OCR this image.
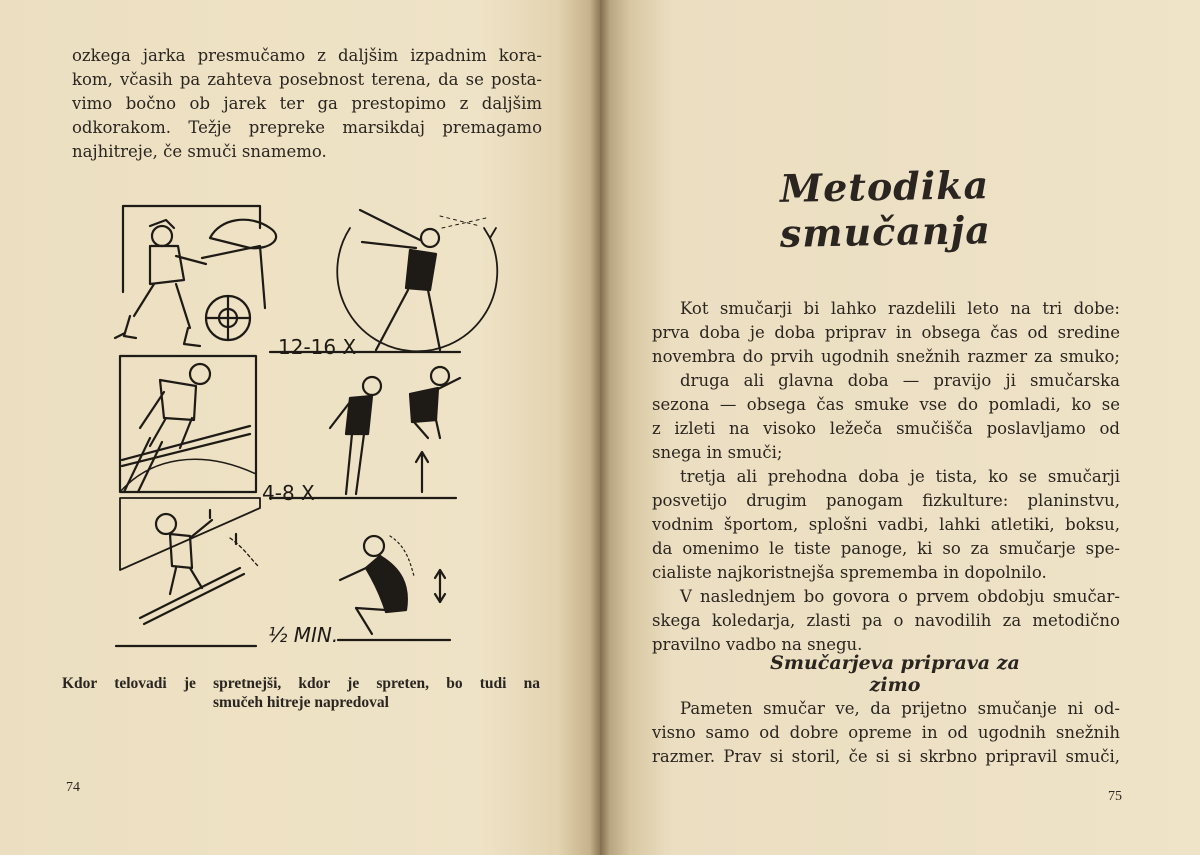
ozkega jarka presmučamo z daljšim izpadnim kora-
kom, včasih pa zahteva posebnost terena, da se posta-
vimo bočno ob jarek ter ga prestopimo z daljšim
odkorakom. Težje prepreke marsikdaj premagamo
najhitreje, če smuči snamemo.
12-16 X
4-8 X
½ MIN.
Kdor telovadi je spretnejši, kdor je spreten, bo tudi na
smučeh hitreje napredoval
74
Metodika smučanja
Kot smučarji bi lahko razdelili leto na tri dobe:
prva doba je doba priprav in obsega čas od sredine
novembra do prvih ugodnih snežnih razmer za smuko;
druga ali glavna doba — pravijo ji smučarska
sezona — obsega čas smuke vse do pomladi, ko se
z izleti na visoko ležeča smučišča poslavljamo od
snega in smuči;
tretja ali prehodna doba je tista, ko se smučarji
posvetijo drugim panogam fizkulture: planinstvu,
vodnim športom, splošni vadbi, lahki atletiki, boksu,
da omenimo le tiste panoge, ki so za smučarje spe-
cialiste najkoristnejša sprememba in dopolnilo.
V naslednjem bo govora o prvem obdobju smučar-
skega koledarja, zlasti pa o navodilih za metodično
pravilno vadbo na snegu.
Smučarjeva priprava za zimo
Pameten smučar ve, da prijetno smučanje ni od-
visno samo od dobre opreme in od ugodnih snežnih
razmer. Prav si storil, če si si skrbno pripravil smuči,
75
